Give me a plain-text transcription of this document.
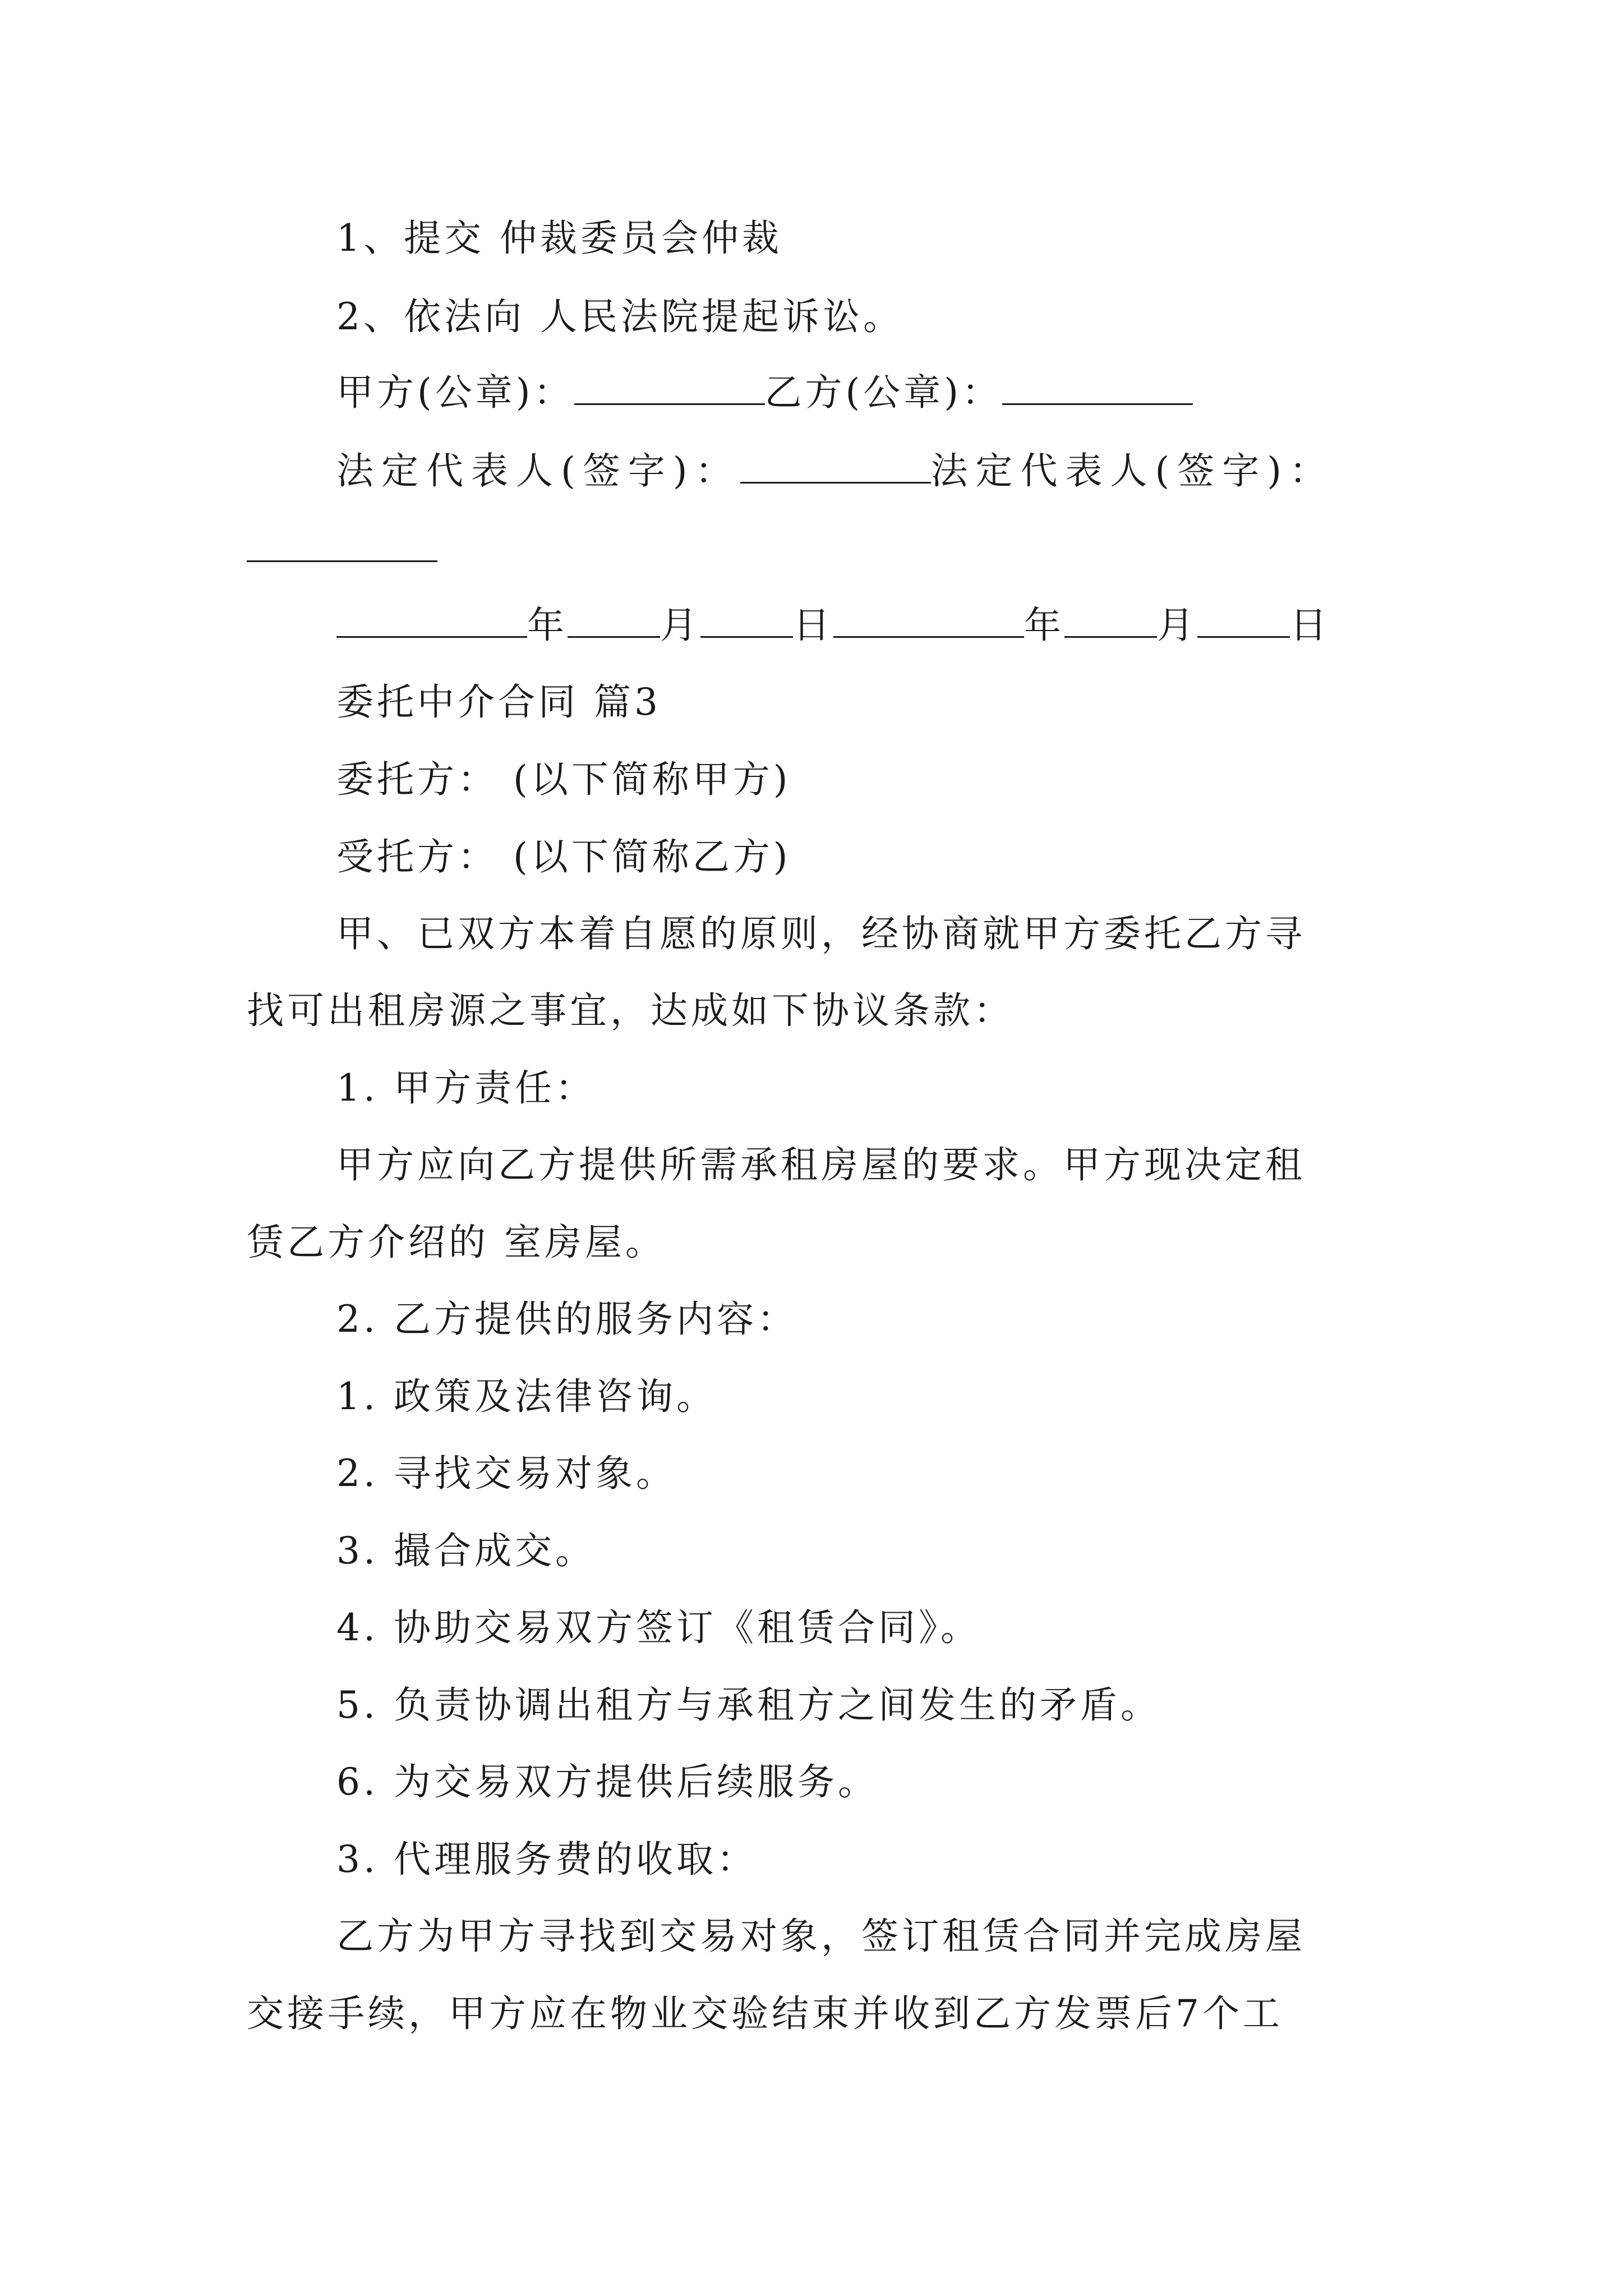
1、提交 仲裁委员会仲裁
2、依法向 人民法院提起诉讼。
甲方(公章)：	乙方(公章)：
法定代表人(签字)：	法定代表人(签字)：
年	月	日	年	月	日
委托中介合同 篇3
委托方： (以下简称甲方)
受托方： (以下简称乙方)
甲、已双方本着自愿的原则，经协商就甲方委托乙方寻
找可出租房源之事宜，达成如下协议条款：
1. 甲方责任：
甲方应向乙方提供所需承租房屋的要求。甲方现决定租
赁乙方介绍的 室房屋。
2. 乙方提供的服务内容：
1. 政策及法律咨询。
2. 寻找交易对象。
3. 撮合成交。
4. 协助交易双方签订《租赁合同》。
5. 负责协调出租方与承租方之间发生的矛盾。
6. 为交易双方提供后续服务。
3. 代理服务费的收取：
乙方为甲方寻找到交易对象，签订租赁合同并完成房屋
交接手续，甲方应在物业交验结束并收到乙方发票后7个工
